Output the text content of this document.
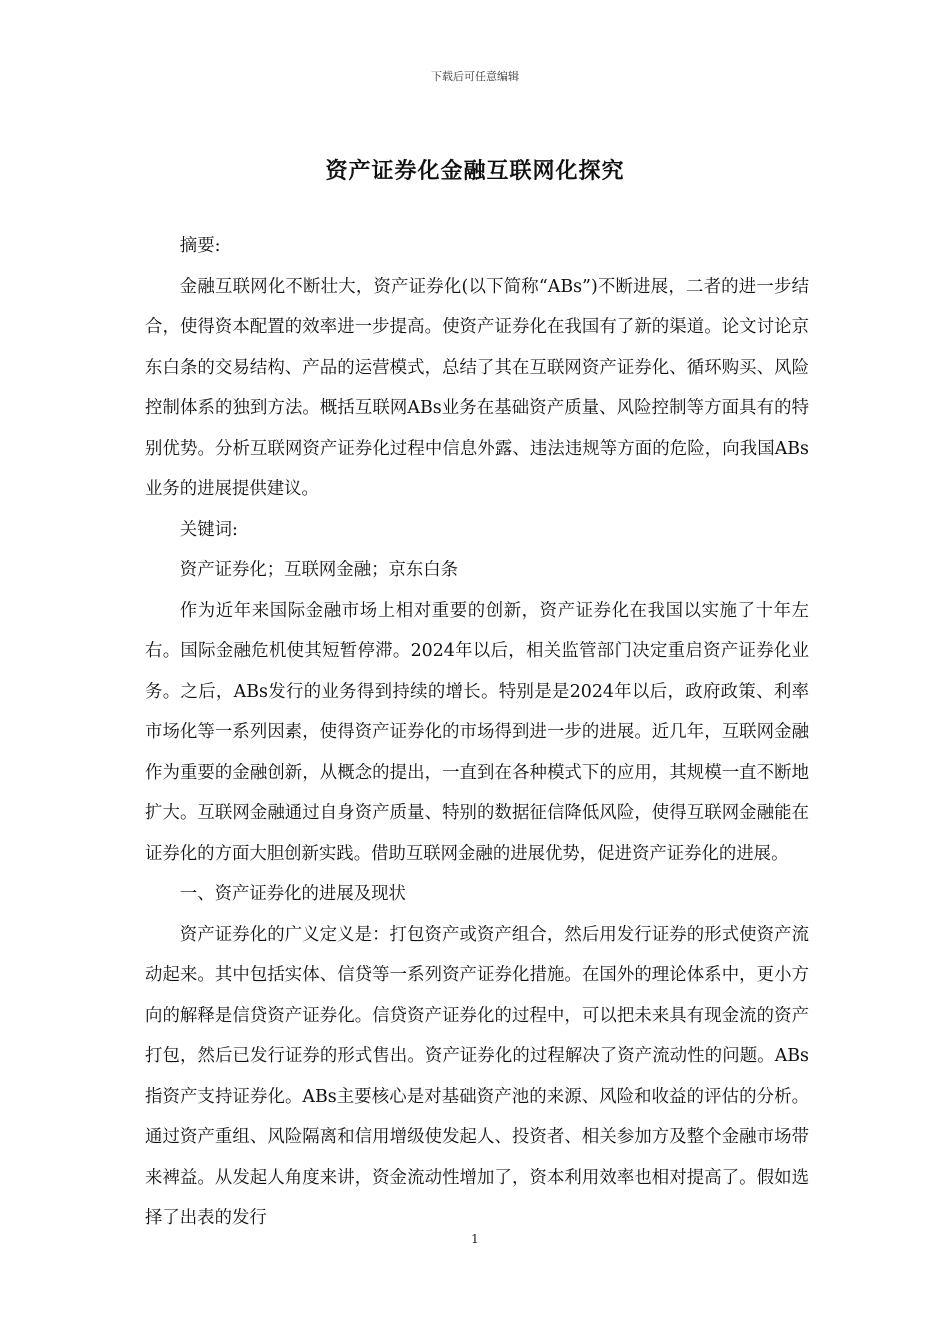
下载后可任意编辑
资产证券化金融互联网化探究

摘要:

金融互联网化不断壮大，资产证券化(以下简称“ABs”)不断进展，二者的进一步结合，使得资本配置的效率进一步提高。使资产证券化在我国有了新的渠道。论文讨论京东白条的交易结构、产品的运营模式，总结了其在互联网资产证券化、循环购买、风险控制体系的独到方法。概括互联网ABs业务在基础资产质量、风险控制等方面具有的特别优势。分析互联网资产证券化过程中信息外露、违法违规等方面的危险，向我国ABs业务的进展提供建议。

关键词:

资产证券化；互联网金融；京东白条

作为近年来国际金融市场上相对重要的创新，资产证券化在我国以实施了十年左右。国际金融危机使其短暂停滞。2024年以后，相关监管部门决定重启资产证券化业务。之后，ABs发行的业务得到持续的增长。特别是是2024年以后，政府政策、利率市场化等一系列因素，使得资产证券化的市场得到进一步的进展。近几年，互联网金融作为重要的金融创新，从概念的提出，一直到在各种模式下的应用，其规模一直不断地扩大。互联网金融通过自身资产质量、特别的数据征信降低风险，使得互联网金融能在证券化的方面大胆创新实践。借助互联网金融的进展优势，促进资产证券化的进展。

一、资产证券化的进展及现状

资产证券化的广义定义是：打包资产或资产组合，然后用发行证券的形式使资产流动起来。其中包括实体、信贷等一系列资产证券化措施。在国外的理论体系中，更小方向的解释是信贷资产证券化。信贷资产证券化的过程中，可以把未来具有现金流的资产打包，然后已发行证券的形式售出。资产证券化的过程解决了资产流动性的问题。ABs指资产支持证券化。ABs主要核心是对基础资产池的来源、风险和收益的评估的分析。通过资产重组、风险隔离和信用增级使发起人、投资者、相关参加方及整个金融市场带来裨益。从发起人角度来讲，资金流动性增加了，资本利用效率也相对提高了。假如选择了出表的发行

1
